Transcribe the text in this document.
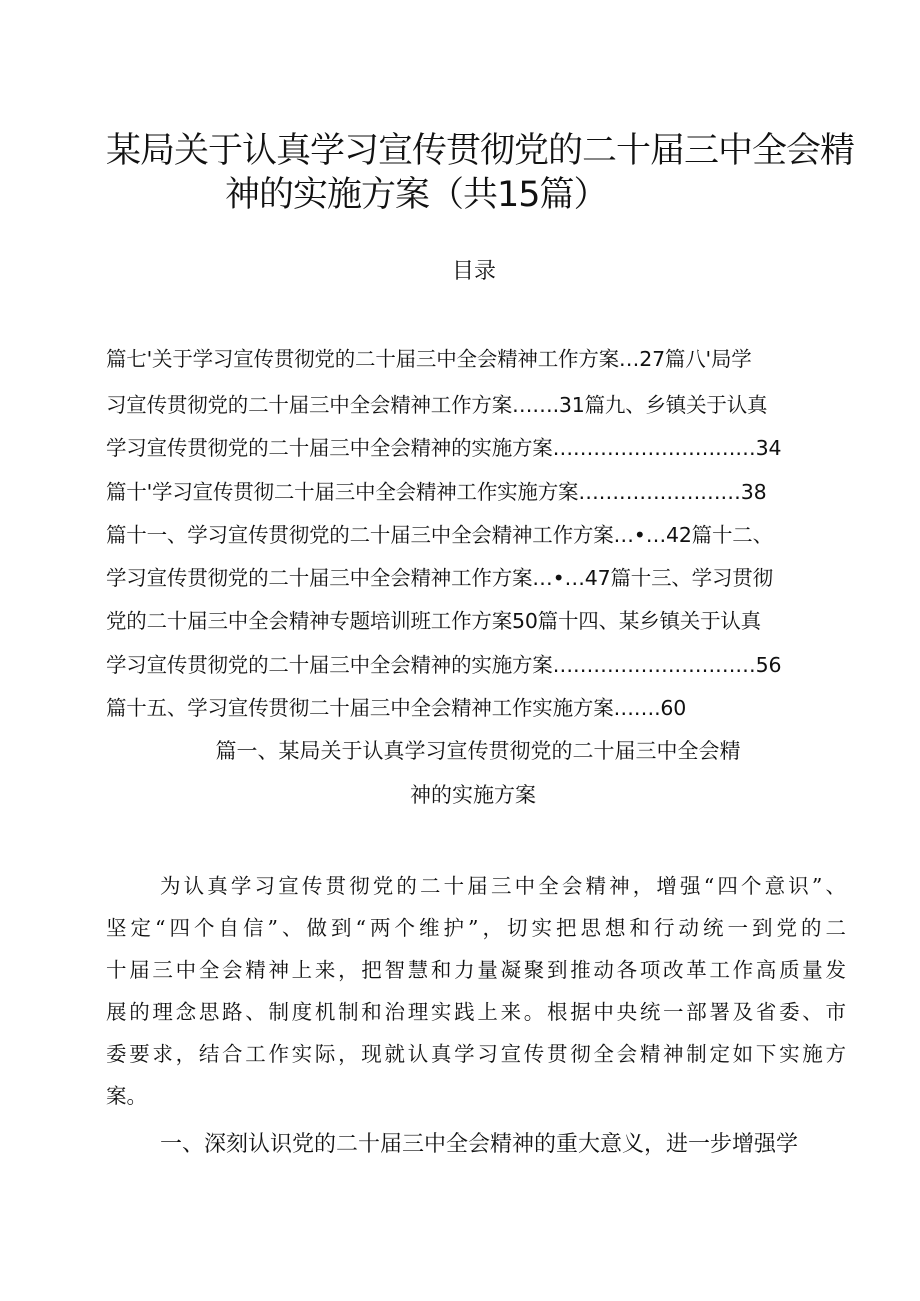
某局关于认真学习宣传贯彻党的二十届三中全会精
神的实施方案（共15篇）
目录
篇七'关于学习宣传贯彻党的二十届三中全会精神工作方案…27篇八'局学
习宣传贯彻党的二十届三中全会精神工作方案…….31篇九、乡镇关于认真
学习宣传贯彻党的二十届三中全会精神的实施方案…………………………34
篇十'学习宣传贯彻二十届三中全会精神工作实施方案……………………38
篇十一、学习宣传贯彻党的二十届三中全会精神工作方案…•…42篇十二、
学习宣传贯彻党的二十届三中全会精神工作方案…•…47篇十三、学习贯彻
党的二十届三中全会精神专题培训班工作方案50篇十四、某乡镇关于认真
学习宣传贯彻党的二十届三中全会精神的实施方案…………………………56
篇十五、学习宣传贯彻二十届三中全会精神工作实施方案…….60
篇一、某局关于认真学习宣传贯彻党的二十届三中全会精
神的实施方案
为认真学习宣传贯彻党的二十届三中全会精神，增强“四个意识”、
坚定“四个自信”、做到“两个维护”，切实把思想和行动统一到党的二
十届三中全会精神上来，把智慧和力量凝聚到推动各项改革工作高质量发
展的理念思路、制度机制和治理实践上来。根据中央统一部署及省委、市
委要求，结合工作实际，现就认真学习宣传贯彻全会精神制定如下实施方
案。
一、深刻认识党的二十届三中全会精神的重大意义，进一步增强学
